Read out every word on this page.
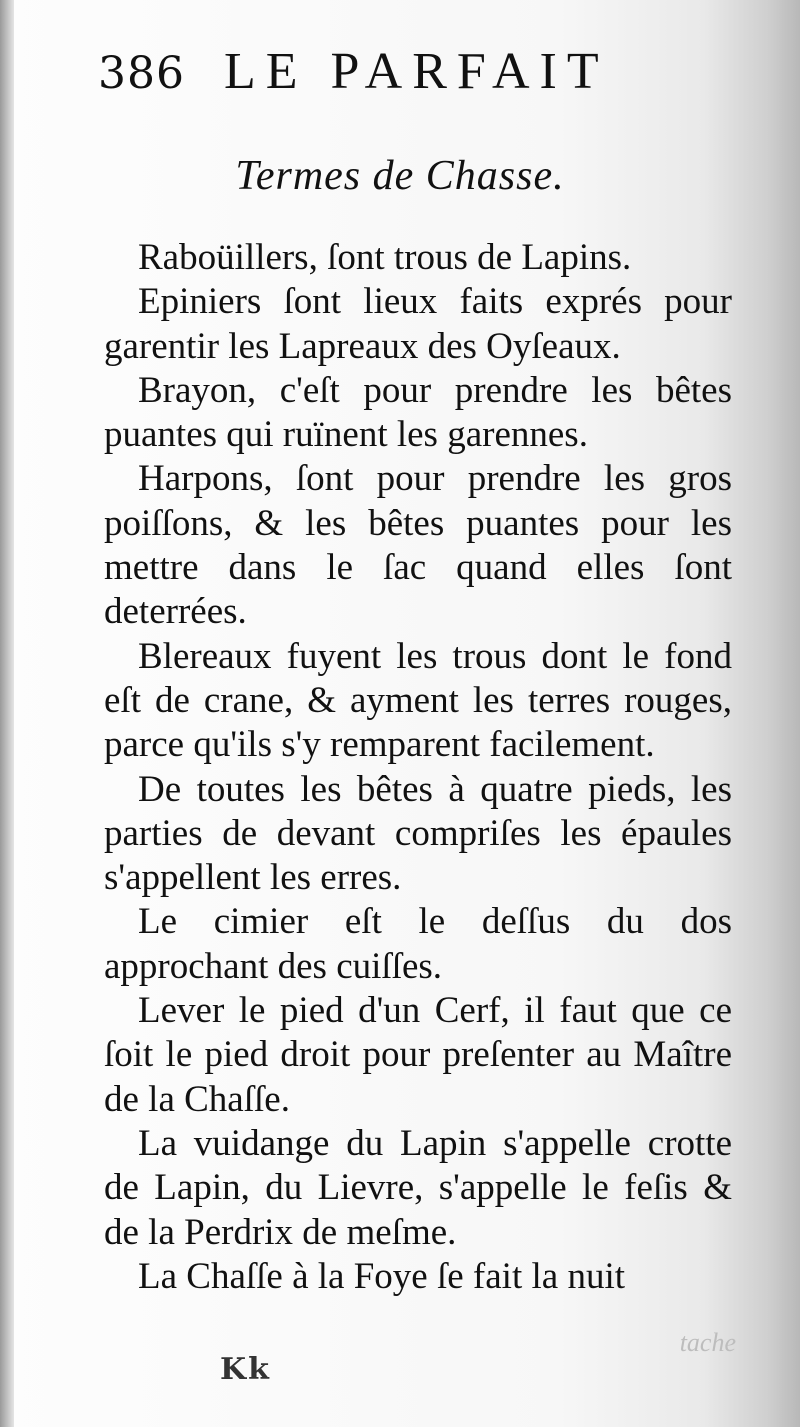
386 LE PARFAIT
Termes de Chasse.

Raboüillers, ſont trous de Lapins.

Epiniers ſont lieux faits exprés pour garentir les Lapreaux des Oyſeaux.

Brayon, c'eſt pour prendre les bêtes puantes qui ruïnent les garennes.

Harpons, ſont pour prendre les gros poiſſons, & les bêtes puantes pour les mettre dans le ſac quand elles ſont deterrées.

Blereaux fuyent les trous dont le fond eſt de crane, & ayment les terres rouges, parce qu'ils s'y remparent facilement.

De toutes les bêtes à quatre pieds, les parties de devant compriſes les épaules s'appellent les erres.

Le cimier eſt le deſſus du dos approchant des cuiſſes.

Lever le pied d'un Cerf, il faut que ce ſoit le pied droit pour preſenter au Maître de la Chaſſe.

La vuidange du Lapin s'appelle crotte de Lapin, du Lievre, s'appelle le feſis & de la Perdrix de meſme.

La Chaſſe à la Foye ſe fait la nuit

Kk
tache
